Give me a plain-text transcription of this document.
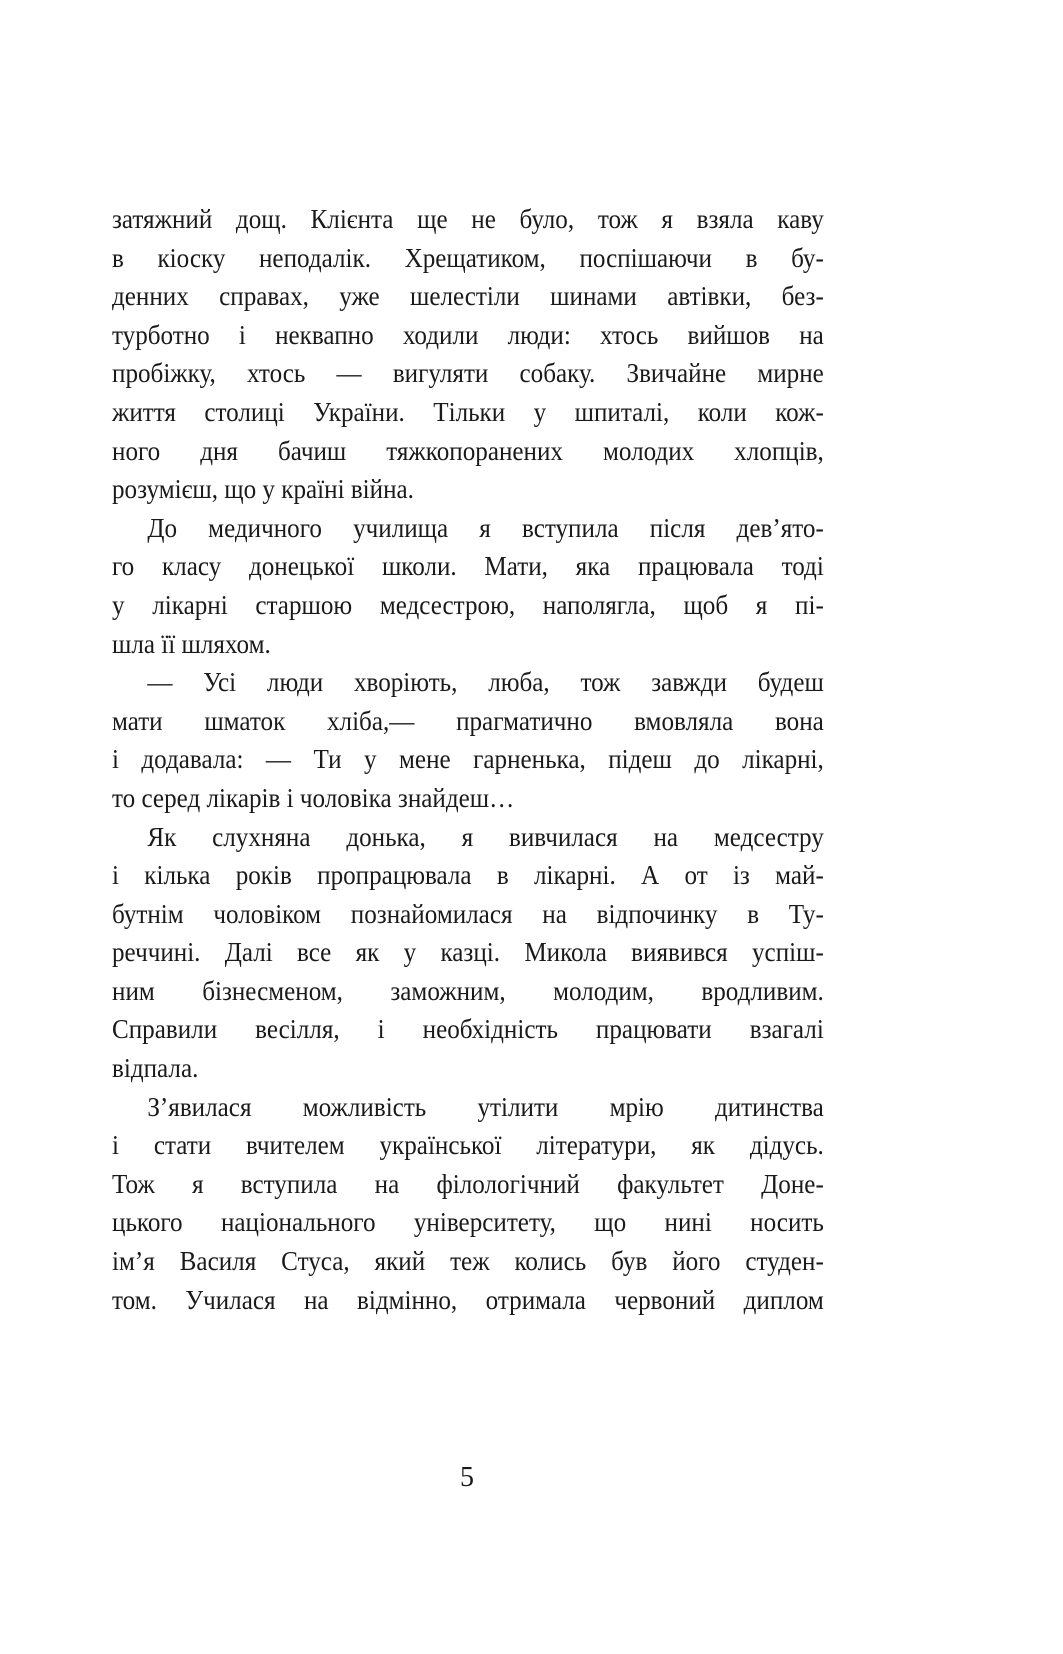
затяжний дощ. Клієнта ще не було, тож я взяла каву
в кіоску неподалік. Хрещатиком, поспішаючи в бу-
денних справах, уже шелестіли шинами автівки, без-
турботно і неквапно ходили люди: хтось вийшов на
пробіжку, хтось — вигуляти собаку. Звичайне мирне
життя столиці України. Тільки у шпиталі, коли кож-
ного дня бачиш тяжкопоранених молодих хлопців,
розумієш, що у країні війна.
До медичного училища я вступила після дев’ято-
го класу донецької школи. Мати, яка працювала тоді
у лікарні старшою медсестрою, наполягла, щоб я пі-
шла її шляхом.
— Усі люди хворіють, люба, тож завжди будеш
мати шматок хліба,— прагматично вмовляла вона
і додавала: — Ти у мене гарненька, підеш до лікарні,
то серед лікарів і чоловіка знайдеш…
Як слухняна донька, я вивчилася на медсестру
і кілька років пропрацювала в лікарні. А от із май-
бутнім чоловіком познайомилася на відпочинку в Ту-
реччині. Далі все як у казці. Микола виявився успіш-
ним бізнесменом, заможним, молодим, вродливим.
Справили весілля, і необхідність працювати взагалі
відпала.
З’явилася можливість утілити мрію дитинства
і стати вчителем української літератури, як дідусь.
Тож я вступила на філологічний факультет Доне-
цького національного університету, що нині носить
ім’я Василя Стуса, який теж колись був його студен-
том. Училася на відмінно, отримала червоний диплом
5
